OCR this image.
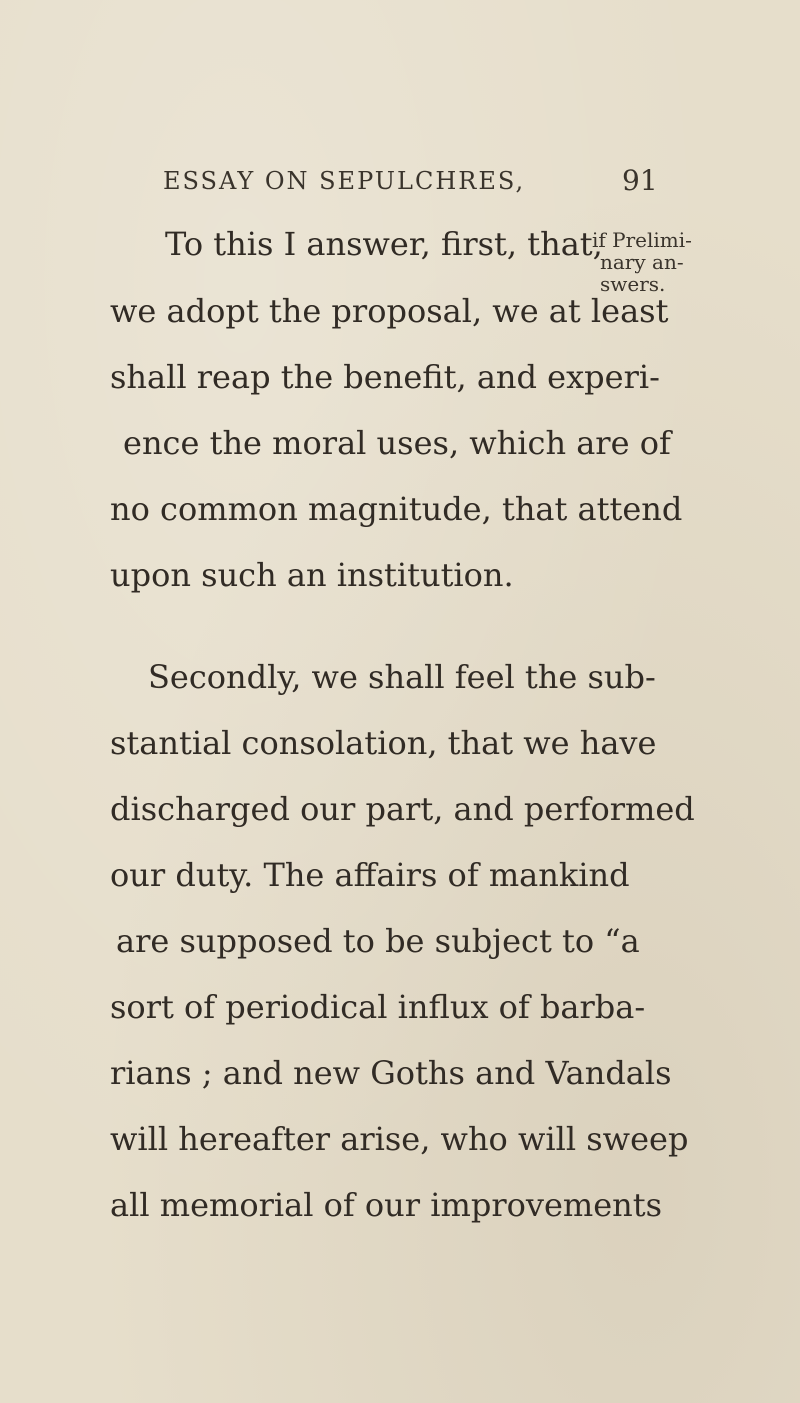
ESSAY ON SEPULCHRES,	91
if Prelimi-
nary an-
swers.
To this I answer, first, that,
we adopt the proposal, we at least
shall reap the benefit, and experi-
ence the moral uses, which are of
no common magnitude, that attend
upon such an institution.
Secondly, we shall feel the sub-
stantial consolation, that we have
discharged our part, and performed
our duty. The affairs of mankind
are supposed to be subject to “a
sort of periodical influx of barba-
rians ; and new Goths and Vandals
will hereafter arise, who will sweep
all memorial of our improvements
